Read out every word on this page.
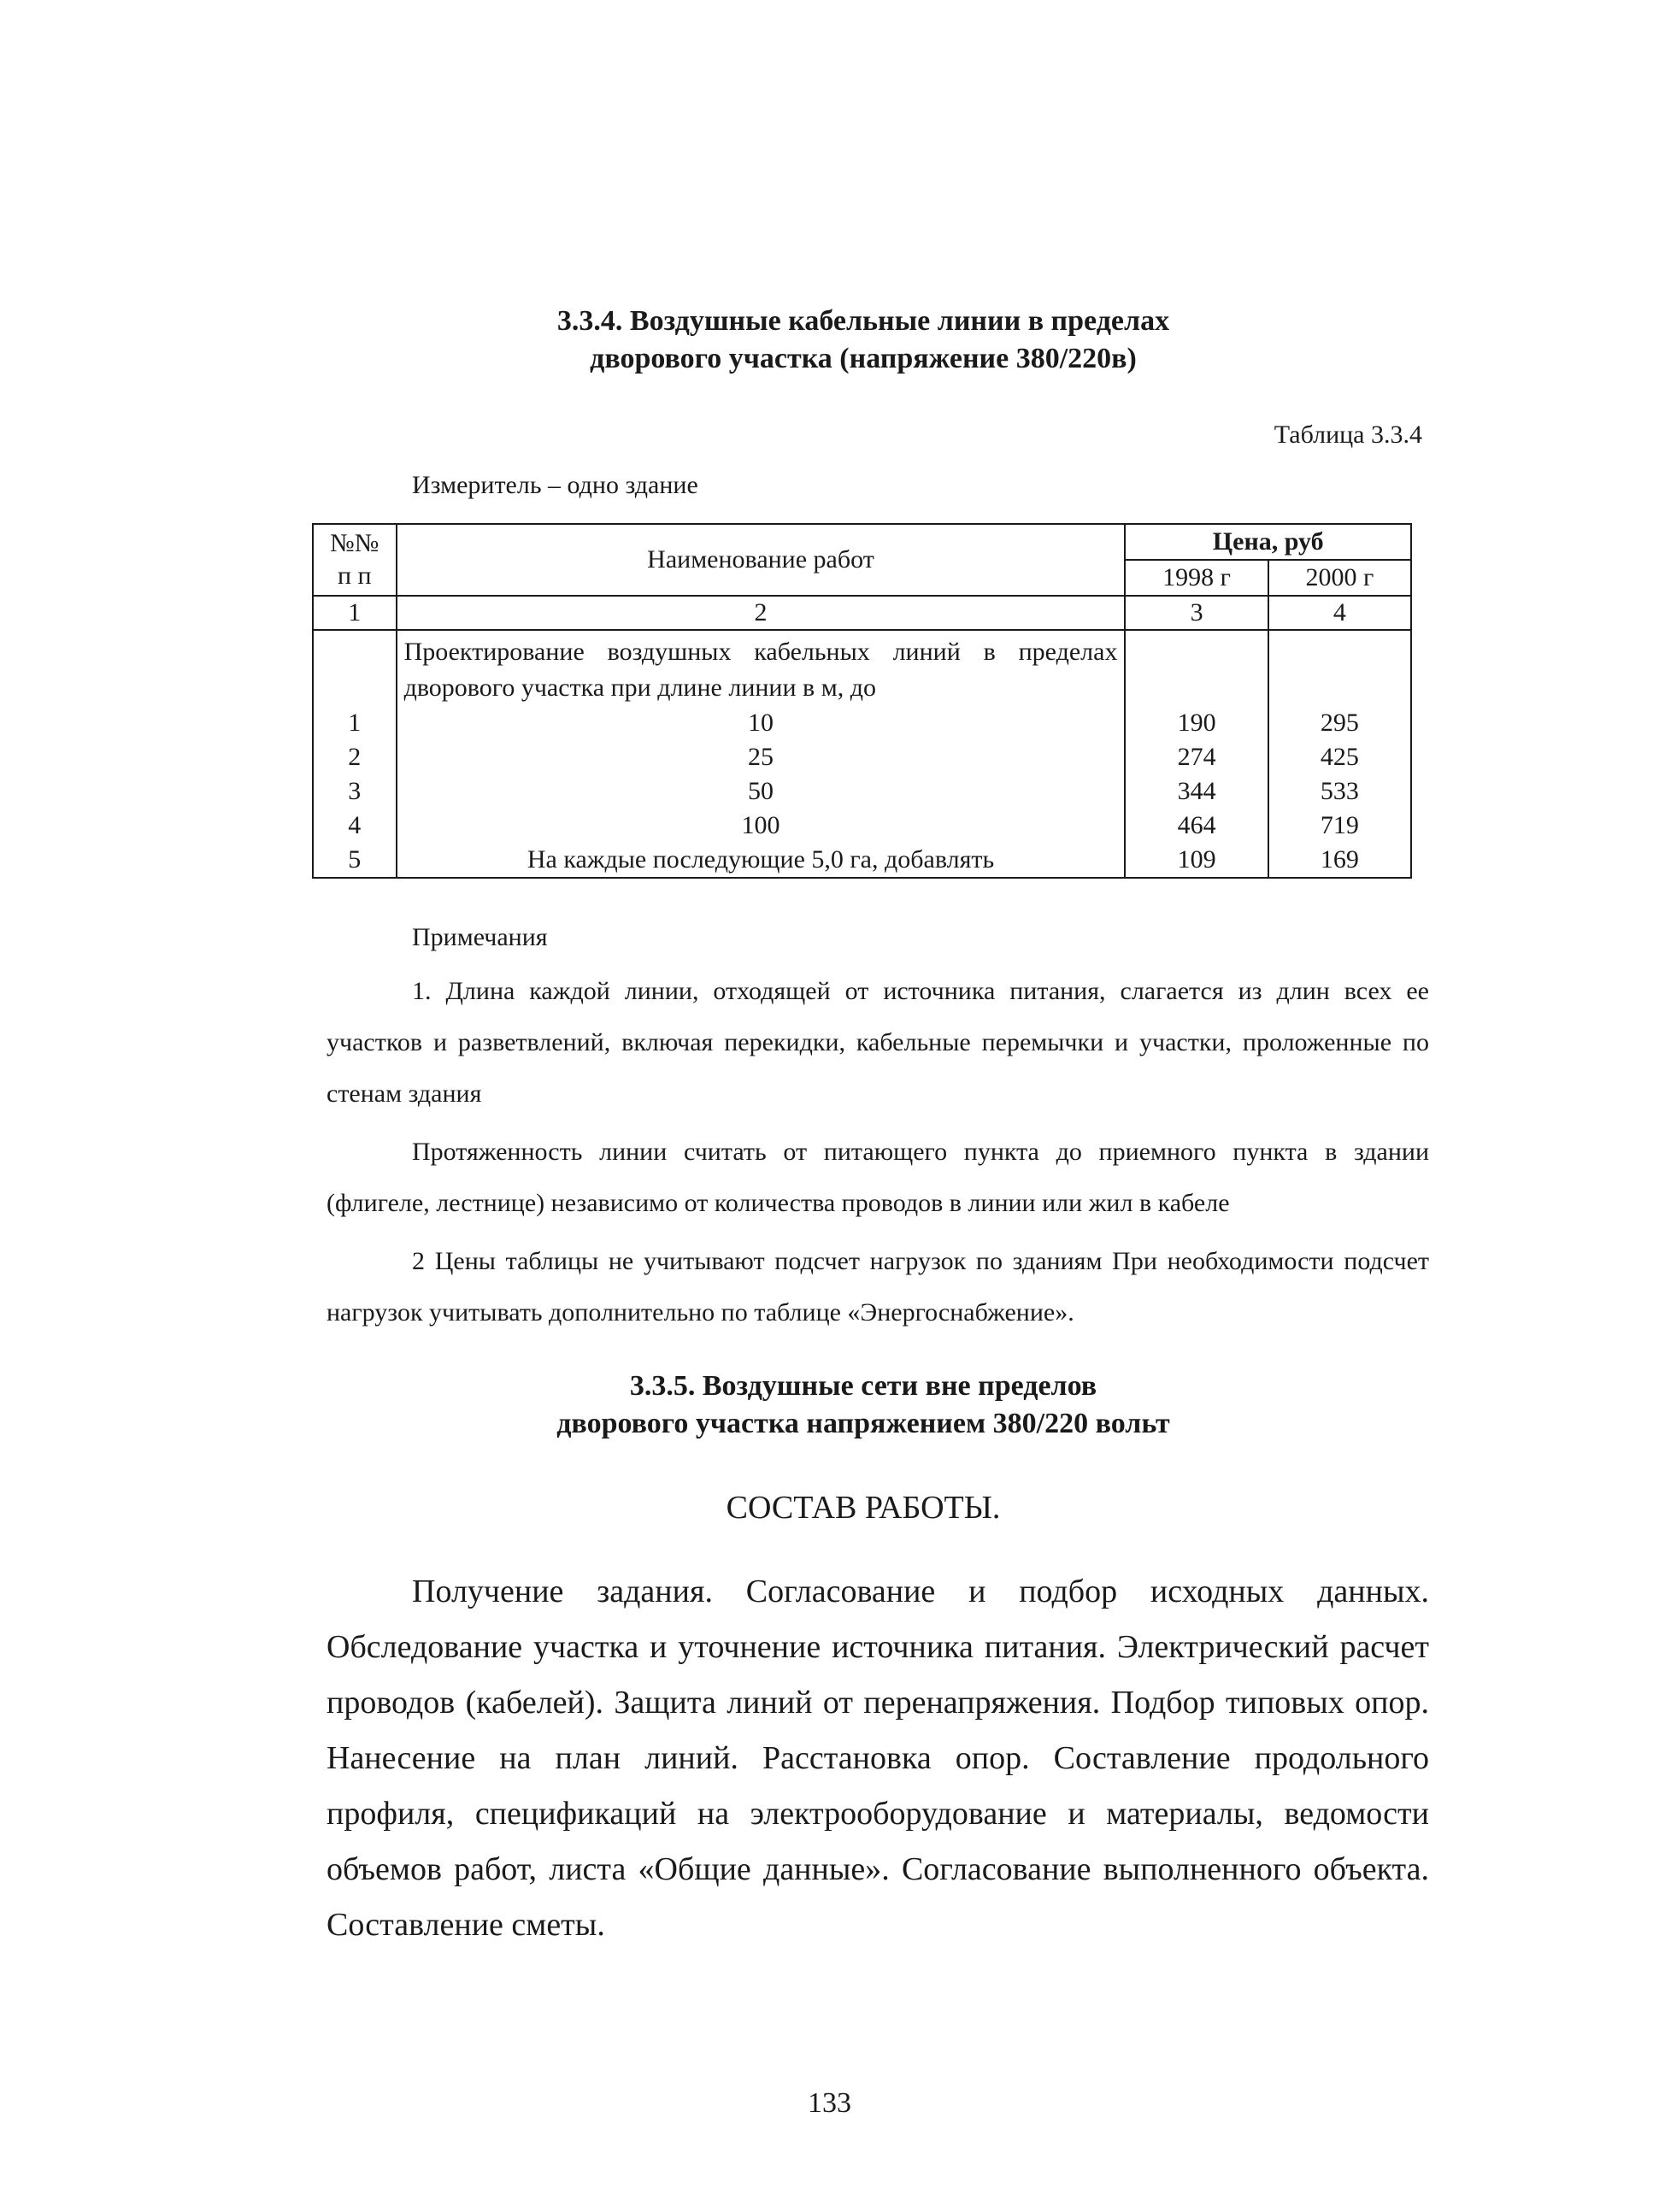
3.3.4. Воздушные кабельные линии в пределах
дворового участка (напряжение 380/220в)
Таблица 3.3.4
Измеритель – одно здание
№№ п п	Наименование работ	Цена, руб	
		1998 г	2000 г
1	2	3	4
	Проектирование воздушных кабельных линий в пределах дворового участка при длине линии в м, до		
1	10	190	295
2	25	274	425
3	50	344	533
4	100	464	719
5	На каждые последующие 5,0 га, добавлять	109	169
Примечания

1. Длина каждой линии, отходящей от источника питания, слагается из длин всех ее участков и разветвлений, включая перекидки, кабельные перемычки и участки, проложенные по стенам здания

Протяженность линии считать от питающего пункта до приемного пункта в здании (флигеле, лестнице) независимо от количества проводов в линии или жил в кабеле

2 Цены таблицы не учитывают подсчет нагрузок по зданиям При необходимости подсчет нагрузок учитывать дополнительно по таблице «Энергоснабжение».

3.3.5. Воздушные сети вне пределов
дворового участка напряжением 380/220 вольт
СОСТАВ РАБОТЫ.

Получение задания. Согласование и подбор исходных данных. Обследование участка и уточнение источника питания. Электрический расчет проводов (кабелей). Защита линий от перенапряжения. Подбор типовых опор. Нанесение на план линий. Расстановка опор. Составление продольного профиля, спецификаций на электрооборудование и материалы, ведомости объемов работ, листа «Общие данные». Согласование выполненного объекта. Составление сметы.

133
